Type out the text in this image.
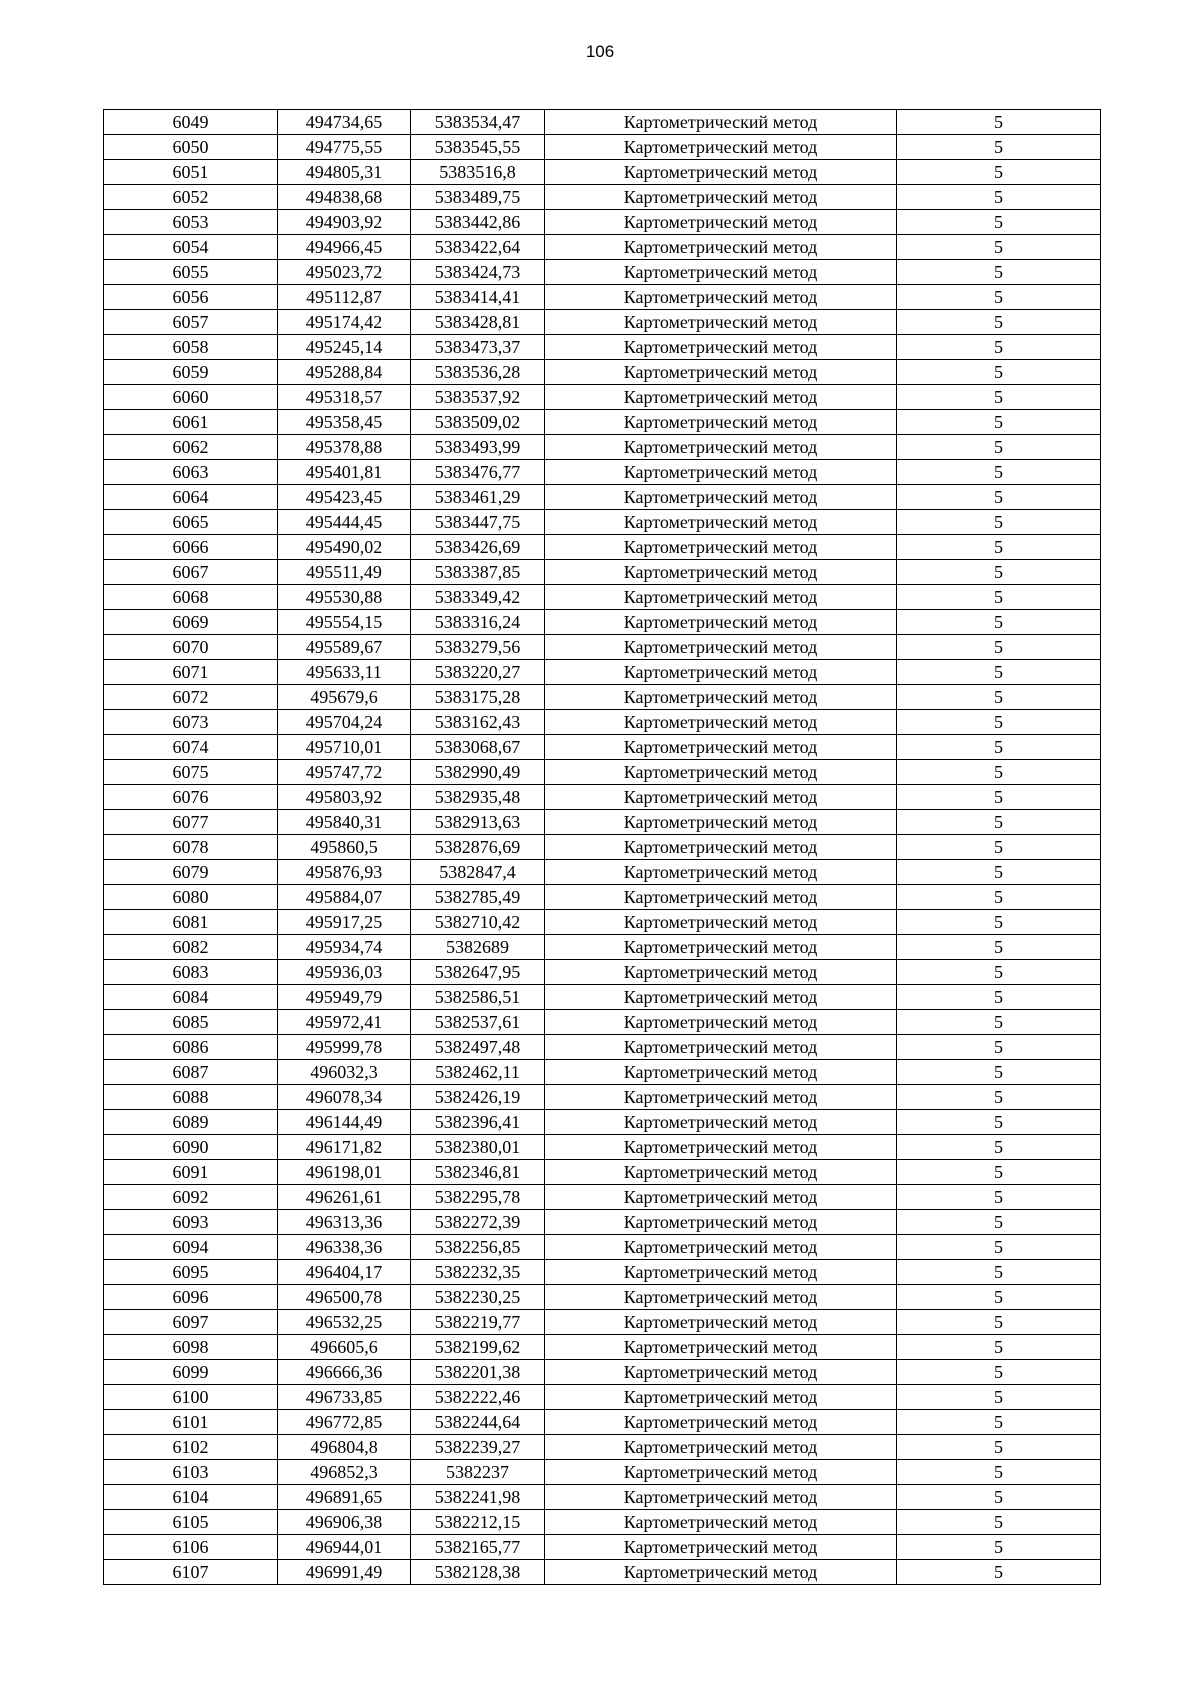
106
6049	494734,65	5383534,47	Картометрический метод	5
6050	494775,55	5383545,55	Картометрический метод	5
6051	494805,31	5383516,8	Картометрический метод	5
6052	494838,68	5383489,75	Картометрический метод	5
6053	494903,92	5383442,86	Картометрический метод	5
6054	494966,45	5383422,64	Картометрический метод	5
6055	495023,72	5383424,73	Картометрический метод	5
6056	495112,87	5383414,41	Картометрический метод	5
6057	495174,42	5383428,81	Картометрический метод	5
6058	495245,14	5383473,37	Картометрический метод	5
6059	495288,84	5383536,28	Картометрический метод	5
6060	495318,57	5383537,92	Картометрический метод	5
6061	495358,45	5383509,02	Картометрический метод	5
6062	495378,88	5383493,99	Картометрический метод	5
6063	495401,81	5383476,77	Картометрический метод	5
6064	495423,45	5383461,29	Картометрический метод	5
6065	495444,45	5383447,75	Картометрический метод	5
6066	495490,02	5383426,69	Картометрический метод	5
6067	495511,49	5383387,85	Картометрический метод	5
6068	495530,88	5383349,42	Картометрический метод	5
6069	495554,15	5383316,24	Картометрический метод	5
6070	495589,67	5383279,56	Картометрический метод	5
6071	495633,11	5383220,27	Картометрический метод	5
6072	495679,6	5383175,28	Картометрический метод	5
6073	495704,24	5383162,43	Картометрический метод	5
6074	495710,01	5383068,67	Картометрический метод	5
6075	495747,72	5382990,49	Картометрический метод	5
6076	495803,92	5382935,48	Картометрический метод	5
6077	495840,31	5382913,63	Картометрический метод	5
6078	495860,5	5382876,69	Картометрический метод	5
6079	495876,93	5382847,4	Картометрический метод	5
6080	495884,07	5382785,49	Картометрический метод	5
6081	495917,25	5382710,42	Картометрический метод	5
6082	495934,74	5382689	Картометрический метод	5
6083	495936,03	5382647,95	Картометрический метод	5
6084	495949,79	5382586,51	Картометрический метод	5
6085	495972,41	5382537,61	Картометрический метод	5
6086	495999,78	5382497,48	Картометрический метод	5
6087	496032,3	5382462,11	Картометрический метод	5
6088	496078,34	5382426,19	Картометрический метод	5
6089	496144,49	5382396,41	Картометрический метод	5
6090	496171,82	5382380,01	Картометрический метод	5
6091	496198,01	5382346,81	Картометрический метод	5
6092	496261,61	5382295,78	Картометрический метод	5
6093	496313,36	5382272,39	Картометрический метод	5
6094	496338,36	5382256,85	Картометрический метод	5
6095	496404,17	5382232,35	Картометрический метод	5
6096	496500,78	5382230,25	Картометрический метод	5
6097	496532,25	5382219,77	Картометрический метод	5
6098	496605,6	5382199,62	Картометрический метод	5
6099	496666,36	5382201,38	Картометрический метод	5
6100	496733,85	5382222,46	Картометрический метод	5
6101	496772,85	5382244,64	Картометрический метод	5
6102	496804,8	5382239,27	Картометрический метод	5
6103	496852,3	5382237	Картометрический метод	5
6104	496891,65	5382241,98	Картометрический метод	5
6105	496906,38	5382212,15	Картометрический метод	5
6106	496944,01	5382165,77	Картометрический метод	5
6107	496991,49	5382128,38	Картометрический метод	5
